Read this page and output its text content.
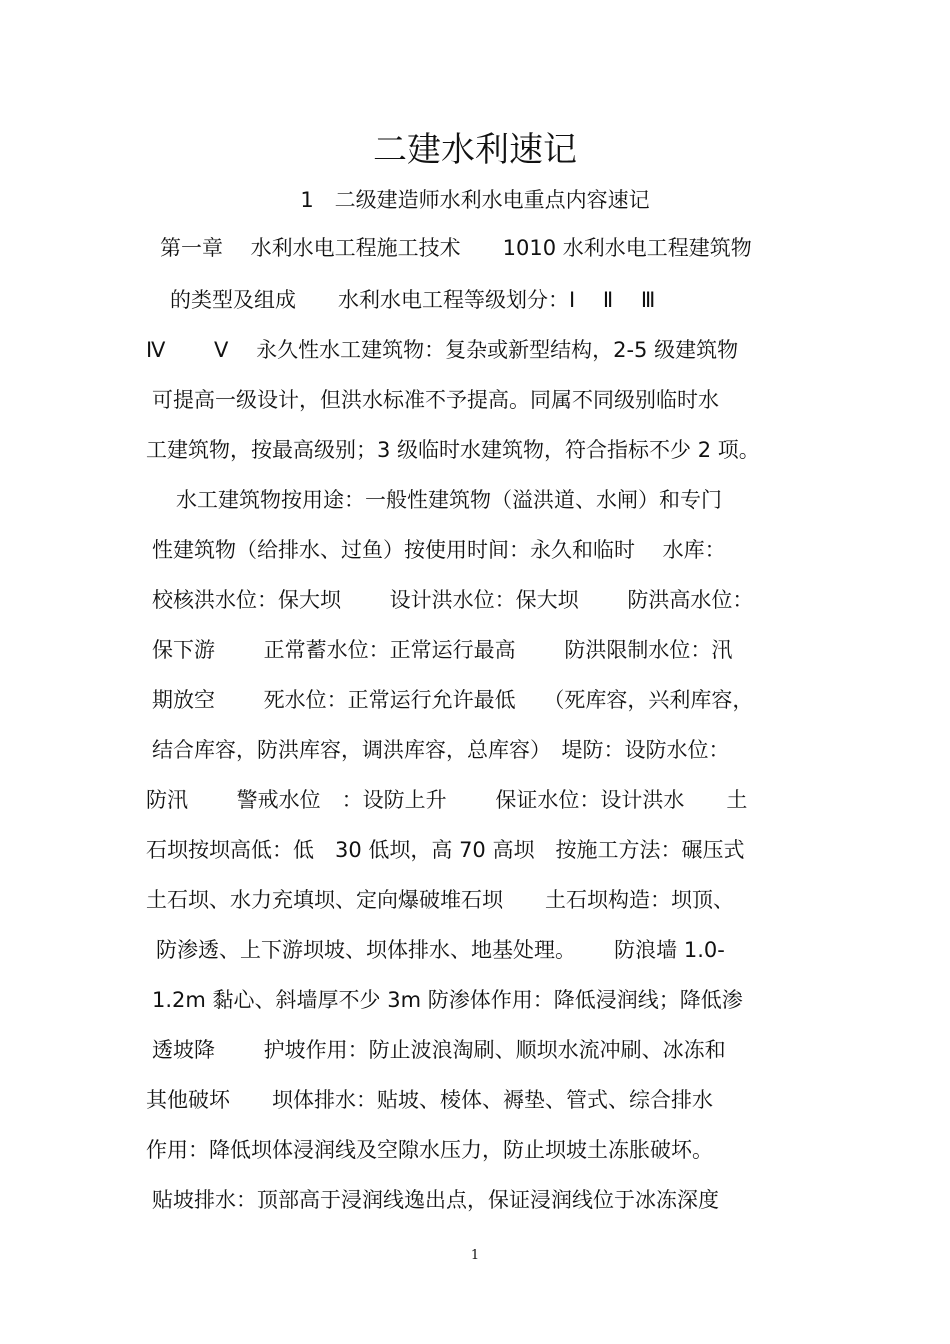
二建水利速记
1　二级建造师水利水电重点内容速记
第一章　 水利水电工程施工技术　　1010 水利水电工程建筑物
的类型及组成　　水利水电工程等级划分：Ⅰ　 Ⅱ　 Ⅲ
Ⅳ　　 Ⅴ　 永久性水工建筑物：复杂或新型结构，2-5 级建筑物
可提高一级设计，但洪水标准不予提高。同属不同级别临时水
工建筑物，按最高级别；3 级临时水建筑物，符合指标不少 2 项。
水工建筑物按用途：一般性建筑物（溢洪道、水闸）和专门
性建筑物（给排水、过鱼）按使用时间：永久和临时　 水库：
校核洪水位：保大坝　　 设计洪水位：保大坝　　 防洪高水位：
保下游　　 正常蓄水位：正常运行最高　　 防洪限制水位：汛
期放空　　 死水位：正常运行允许最低　 （死库容，兴利库容，
结合库容，防洪库容，调洪库容，总库容）　堤防：设防水位：
防汛　　 警戒水位　：设防上升　　 保证水位：设计洪水　　土
石坝按坝高低：低　30 低坝，高 70 高坝　按施工方法：碾压式
土石坝、水力充填坝、定向爆破堆石坝　　土石坝构造：坝顶、
防渗透、上下游坝坡、坝体排水、地基处理。　　 防浪墙 1.0-
1.2m 黏心、斜墙厚不少 3m 防渗体作用：降低浸润线；降低渗
透坡降　　 护坡作用：防止波浪淘刷、顺坝水流冲刷、冰冻和
其他破坏　　坝体排水：贴坡、棱体、褥垫、管式、综合排水
作用：降低坝体浸润线及空隙水压力，防止坝坡土冻胀破坏。
贴坡排水：顶部高于浸润线逸出点，保证浸润线位于冰冻深度
1
